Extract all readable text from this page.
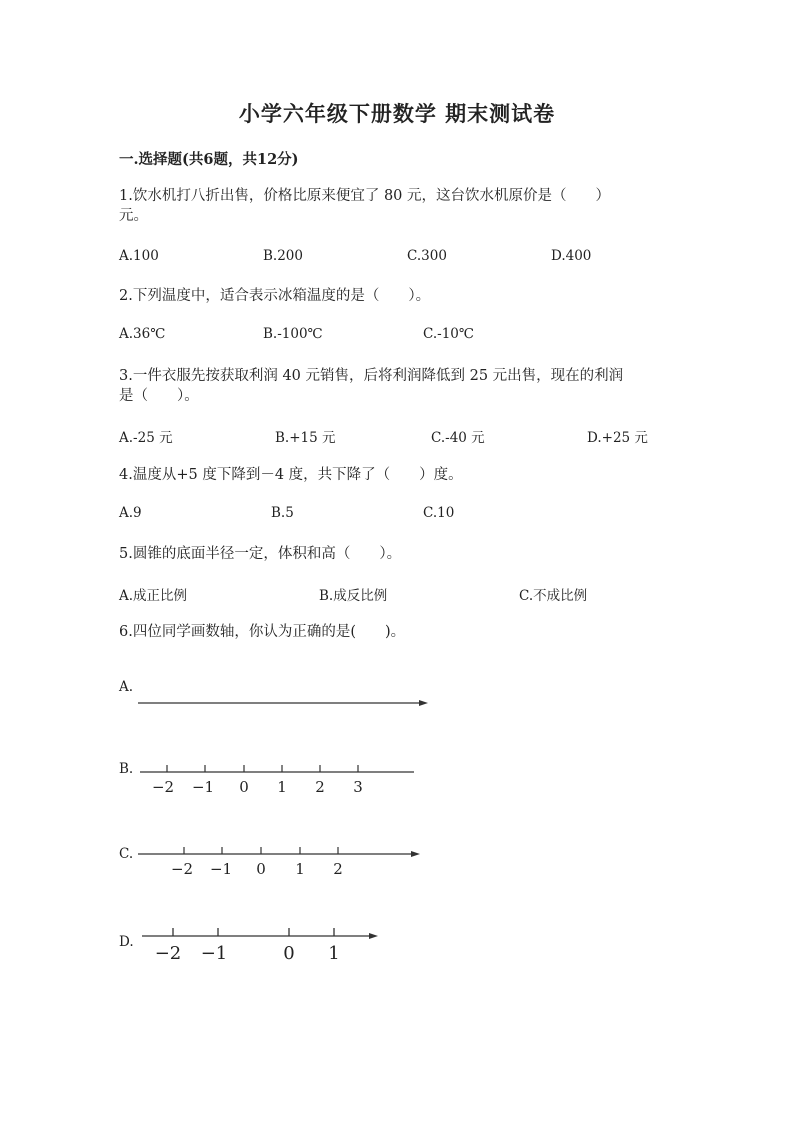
小学六年级下册数学 期末测试卷
一.选择题(共6题，共12分)
1.饮水机打八折出售，价格比原来便宜了 80 元，这台饮水机原价是（　　）
元。
A.100	B.200	C.300	D.400
2.下列温度中，适合表示冰箱温度的是（　　）。
A.36℃	B.-100℃	C.-10℃
3.一件衣服先按获取利润 40 元销售，后将利润降低到 25 元出售，现在的利润
是（　　）。
A.-25 元	B.+15 元	C.-40 元	D.+25 元
4.温度从+5 度下降到－4 度，共下降了（　　）度。
A.9	B.5	C.10
5.圆锥的底面半径一定，体积和高（　　）。
A.成正比例	B.成反比例	C.不成比例
6.四位同学画数轴，你认为正确的是(　　)。
A.
B.
C.
D.
−2 −1 0 1 2 3
−2 −1 0 1 2
−2 −1	0 1
